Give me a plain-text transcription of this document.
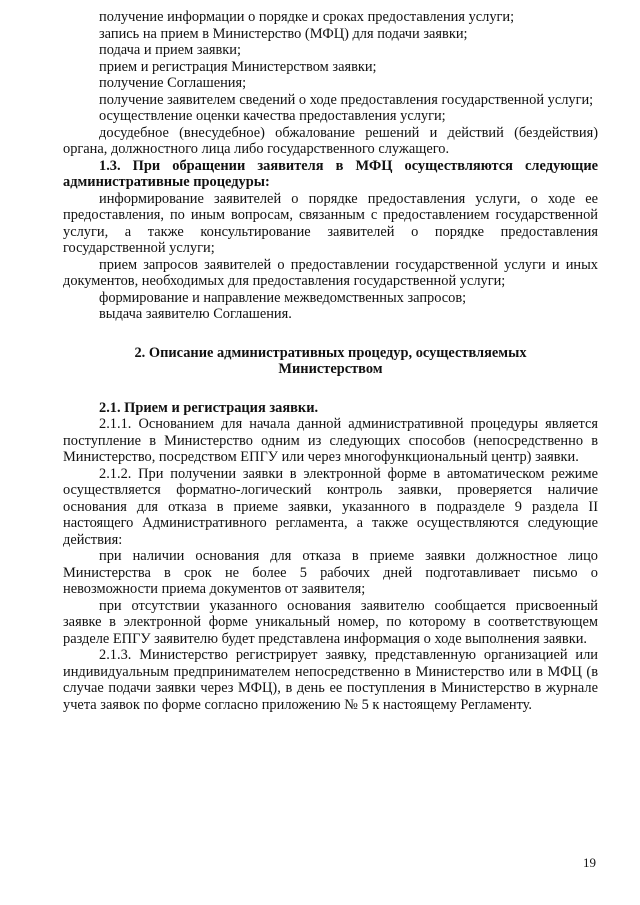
получение информации о порядке и сроках предоставления услуги;

запись на прием в Министерство (МФЦ) для подачи заявки;

подача и прием заявки;

прием и регистрация Министерством заявки;

получение Соглашения;

получение заявителем сведений о ходе предоставления государственной услуги;

осуществление оценки качества предоставления услуги;

досудебное (внесудебное) обжалование решений и действий (бездействия) органа, должностного лица либо государственного служащего.

1.3. При обращении заявителя в МФЦ осуществляются следующие административные процедуры:

информирование заявителей о порядке предоставления услуги, о ходе ее предоставления, по иным вопросам, связанным с предоставлением государственной услуги, а также консультирование заявителей о порядке предоставления государственной услуги;

прием запросов заявителей о предоставлении государственной услуги и иных документов, необходимых для предоставления государственной услуги;

формирование и направление межведомственных запросов;

выдача заявителю Соглашения.

2. Описание административных процедур, осуществляемых Министерством

2.1. Прием и регистрация заявки.

2.1.1. Основанием для начала данной административной процедуры является поступление в Министерство одним из следующих способов (непосредственно в Министерство, посредством ЕПГУ или через многофункциональный центр) заявки.

2.1.2. При получении заявки в электронной форме в автоматическом режиме осуществляется форматно-логический контроль заявки, проверяется наличие основания для отказа в приеме заявки, указанного в подразделе 9 раздела II настоящего Административного регламента, а также осуществляются следующие действия:

при наличии основания для отказа в приеме заявки должностное лицо Министерства в срок не более 5 рабочих дней подготавливает письмо о невозможности приема документов от заявителя;

при отсутствии указанного основания заявителю сообщается присвоенный заявке в электронной форме уникальный номер, по которому в соответствующем разделе ЕПГУ заявителю будет представлена информация о ходе выполнения заявки.

2.1.3. Министерство регистрирует заявку, представленную организацией или индивидуальным предпринимателем непосредственно в Министерство или в МФЦ (в случае подачи заявки через МФЦ), в день ее поступления в Министерство в журнале учета заявок по форме согласно приложению № 5 к настоящему Регламенту.

19
